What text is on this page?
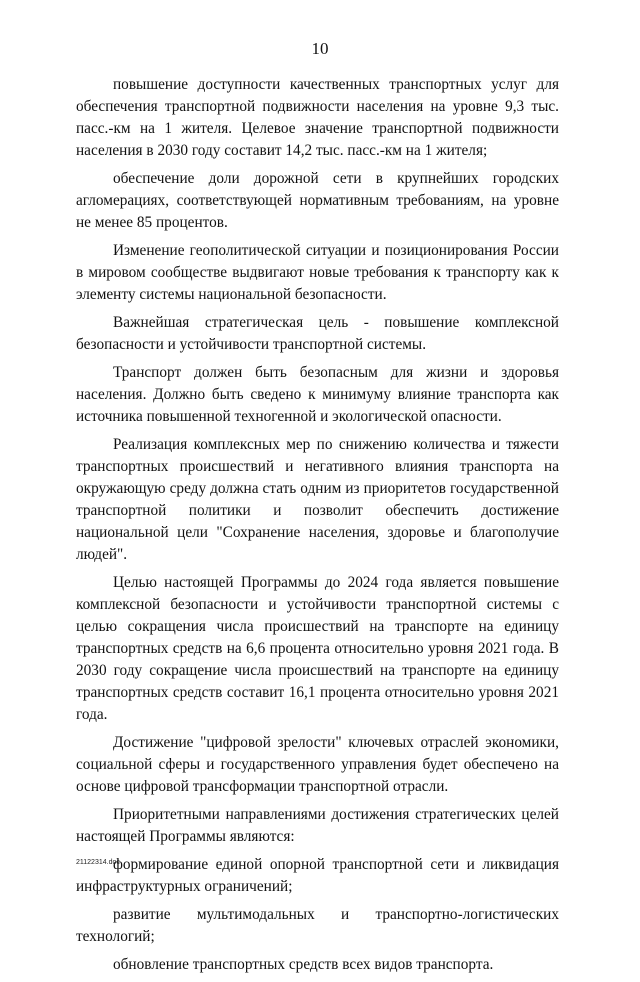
10

повышение доступности качественных транспортных услуг для обеспечения транспортной подвижности населения на уровне 9,3 тыс. пасс.-км на 1 жителя. Целевое значение транспортной подвижности населения в 2030 году составит 14,2 тыс. пасс.-км на 1 жителя;

обеспечение доли дорожной сети в крупнейших городских агломерациях, соответствующей нормативным требованиям, на уровне не менее 85 процентов.

Изменение геополитической ситуации и позиционирования России в мировом сообществе выдвигают новые требования к транспорту как к элементу системы национальной безопасности.

Важнейшая стратегическая цель - повышение комплексной безопасности и устойчивости транспортной системы.

Транспорт должен быть безопасным для жизни и здоровья населения. Должно быть сведено к минимуму влияние транспорта как источника повышенной техногенной и экологической опасности.

Реализация комплексных мер по снижению количества и тяжести транспортных происшествий и негативного влияния транспорта на окружающую среду должна стать одним из приоритетов государственной транспортной политики и позволит обеспечить достижение национальной цели "Сохранение населения, здоровье и благополучие людей".

Целью настоящей Программы до 2024 года является повышение комплексной безопасности и устойчивости транспортной системы с целью сокращения числа происшествий на транспорте на единицу транспортных средств на 6,6 процента относительно уровня 2021 года. В 2030 году сокращение числа происшествий на транспорте на единицу транспортных средств составит 16,1 процента относительно уровня 2021 года.

Достижение "цифровой зрелости" ключевых отраслей экономики, социальной сферы и государственного управления будет обеспечено на основе цифровой трансформации транспортной отрасли.

Приоритетными направлениями достижения стратегических целей настоящей Программы являются:

формирование единой опорной транспортной сети и ликвидация инфраструктурных ограничений;

развитие мультимодальных и транспортно-логистических технологий;

обновление транспортных средств всех видов транспорта.

21122314.doc
